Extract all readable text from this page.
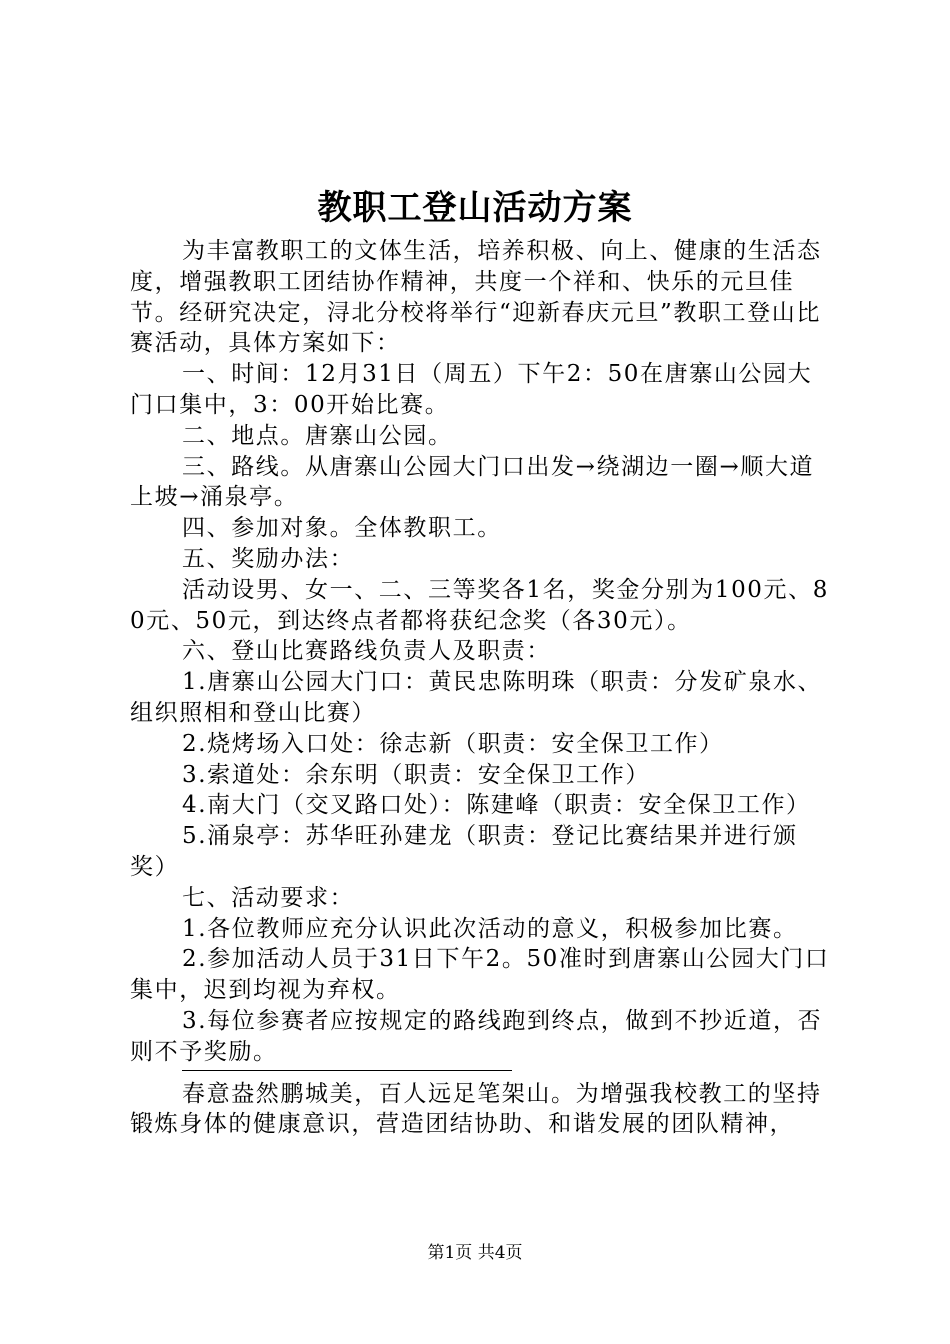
教职工登山活动方案

为丰富教职工的文体生活，培养积极、向上、健康的生活态度，增强教职工团结协作精神，共度一个祥和、快乐的元旦佳节。经研究决定，浔北分校将举行“迎新春庆元旦”教职工登山比赛活动，具体方案如下：

一、时间：12月31日（周五）下午2：50在唐寨山公园大门口集中，3：00开始比赛。

二、地点。唐寨山公园。

三、路线。从唐寨山公园大门口出发→绕湖边一圈→顺大道上坡→涌泉亭。

四、参加对象。全体教职工。

五、奖励办法：

活动设男、女一、二、三等奖各1名，奖金分别为100元、80元、50元，到达终点者都将获纪念奖（各30元）。

六、登山比赛路线负责人及职责：

1.唐寨山公园大门口：黄民忠陈明珠（职责：分发矿泉水、组织照相和登山比赛）

2.烧烤场入口处：徐志新（职责：安全保卫工作）

3.索道处：余东明（职责：安全保卫工作）

4.南大门（交叉路口处）：陈建峰（职责：安全保卫工作）

5.涌泉亭：苏华旺孙建龙（职责：登记比赛结果并进行颁奖）

七、活动要求：

1.各位教师应充分认识此次活动的意义，积极参加比赛。

2.参加活动人员于31日下午2。50准时到唐寨山公园大门口集中，迟到均视为弃权。

3.每位参赛者应按规定的路线跑到终点，做到不抄近道，否则不予奖励。

春意盎然鹏城美，百人远足笔架山。为增强我校教工的坚持锻炼身体的健康意识，营造团结协助、和谐发展的团队精神，

第1页 共4页
